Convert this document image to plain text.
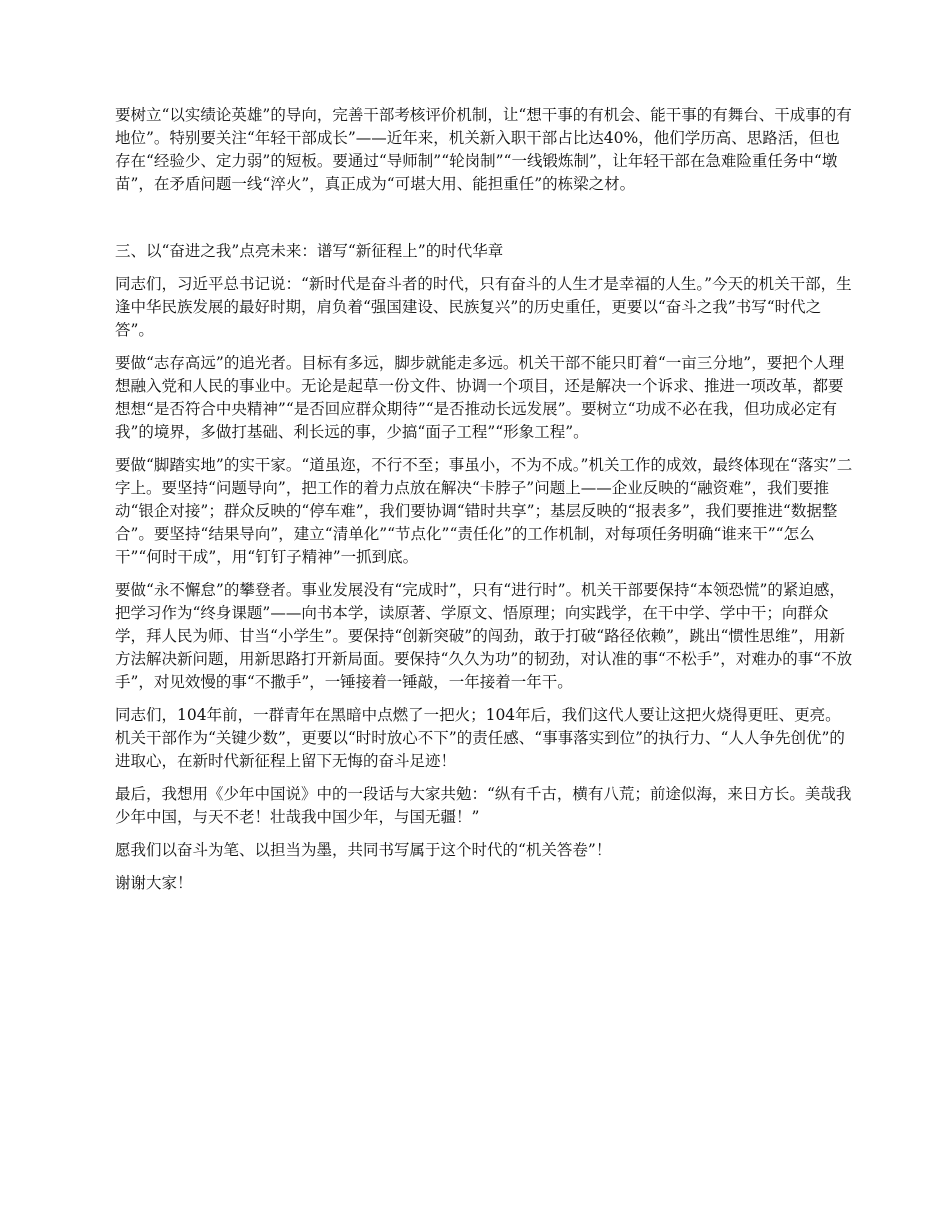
要树立“以实绩论英雄”的导向，完善干部考核评价机制，让“想干事的有机会、能干事的有舞台、干成事的有地位”。特别要关注“年轻干部成长”——近年来，机关新入职干部占比达40%，他们学历高、思路活，但也存在“经验少、定力弱”的短板。要通过“导师制”“轮岗制”“一线锻炼制”，让年轻干部在急难险重任务中“墩苗”，在矛盾问题一线“淬火”，真正成为“可堪大用、能担重任”的栋梁之材。

三、以“奋进之我”点亮未来：谱写“新征程上”的时代华章

同志们，习近平总书记说：“新时代是奋斗者的时代，只有奋斗的人生才是幸福的人生。”今天的机关干部，生逢中华民族发展的最好时期，肩负着“强国建设、民族复兴”的历史重任，更要以“奋斗之我”书写“时代之答”。

要做“志存高远”的追光者。目标有多远，脚步就能走多远。机关干部不能只盯着“一亩三分地”，要把个人理想融入党和人民的事业中。无论是起草一份文件、协调一个项目，还是解决一个诉求、推进一项改革，都要想想“是否符合中央精神”“是否回应群众期待”“是否推动长远发展”。要树立“功成不必在我，但功成必定有我”的境界，多做打基础、利长远的事，少搞“面子工程”“形象工程”。

要做“脚踏实地”的实干家。“道虽迩，不行不至；事虽小，不为不成。”机关工作的成效，最终体现在“落实”二字上。要坚持“问题导向”，把工作的着力点放在解决“卡脖子”问题上——企业反映的“融资难”，我们要推动“银企对接”；群众反映的“停车难”，我们要协调“错时共享”；基层反映的“报表多”，我们要推进“数据整合”。要坚持“结果导向”，建立“清单化”“节点化”“责任化”的工作机制，对每项任务明确“谁来干”“怎么干”“何时干成”，用“钉钉子精神”一抓到底。

要做“永不懈怠”的攀登者。事业发展没有“完成时”，只有“进行时”。机关干部要保持“本领恐慌”的紧迫感，把学习作为“终身课题”——向书本学，读原著、学原文、悟原理；向实践学，在干中学、学中干；向群众学，拜人民为师、甘当“小学生”。要保持“创新突破”的闯劲，敢于打破“路径依赖”，跳出“惯性思维”，用新方法解决新问题，用新思路打开新局面。要保持“久久为功”的韧劲，对认准的事“不松手”，对难办的事“不放手”，对见效慢的事“不撒手”，一锤接着一锤敲，一年接着一年干。

同志们，104年前，一群青年在黑暗中点燃了一把火；104年后，我们这代人要让这把火烧得更旺、更亮。机关干部作为“关键少数”，更要以“时时放心不下”的责任感、“事事落实到位”的执行力、“人人争先创优”的进取心，在新时代新征程上留下无悔的奋斗足迹！

最后，我想用《少年中国说》中的一段话与大家共勉：“纵有千古，横有八荒；前途似海，来日方长。美哉我少年中国，与天不老！壮哉我中国少年，与国无疆！”

愿我们以奋斗为笔、以担当为墨，共同书写属于这个时代的“机关答卷”！

谢谢大家！
